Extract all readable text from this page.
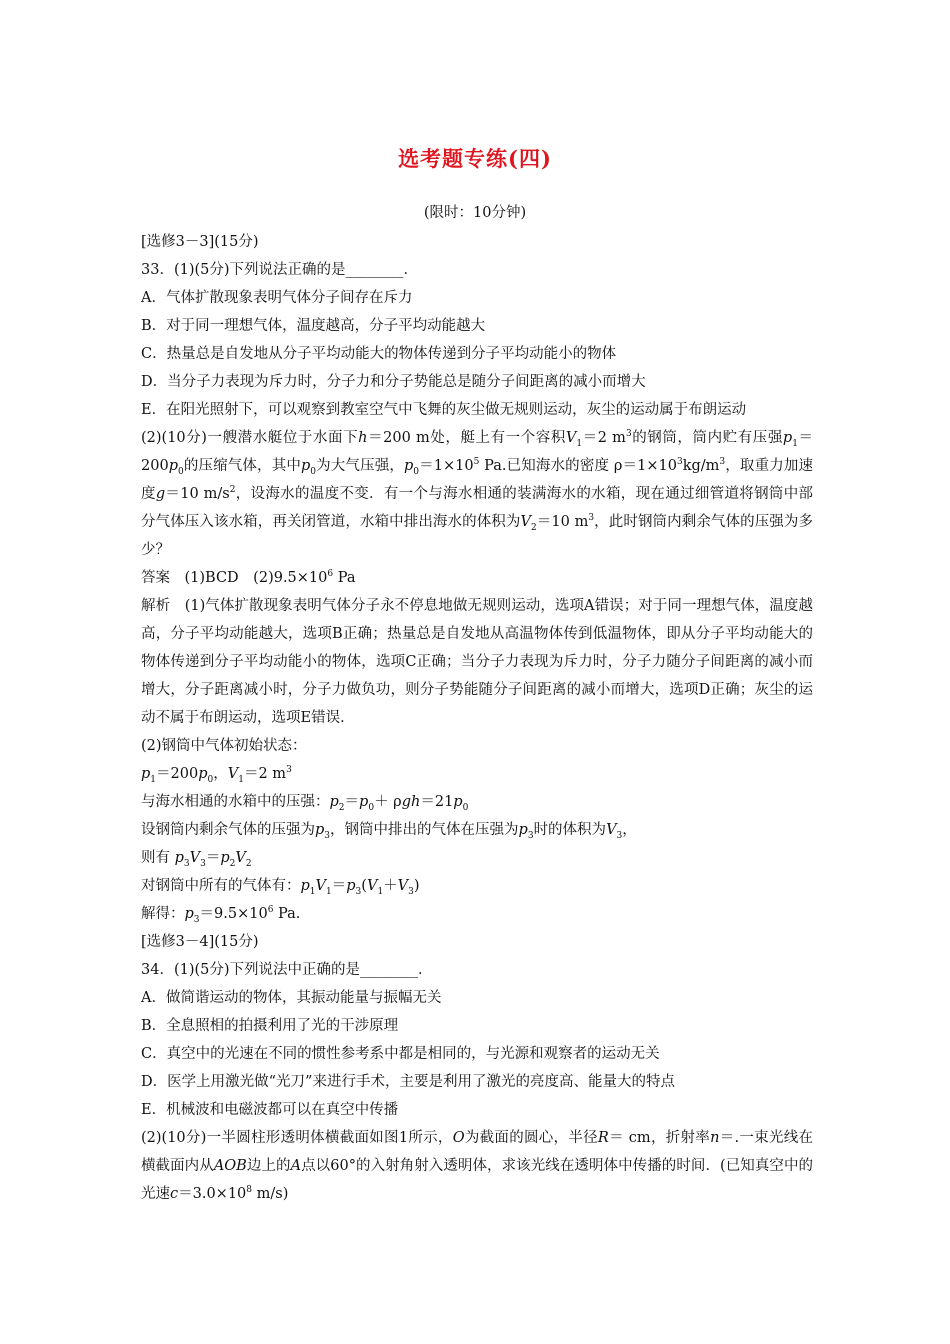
选考题专练(四)
(限时：10分钟)

[选修3－3](15分)

33．(1)(5分)下列说法正确的是________．

A．气体扩散现象表明气体分子间存在斥力

B．对于同一理想气体，温度越高，分子平均动能越大

C．热量总是自发地从分子平均动能大的物体传递到分子平均动能小的物体

D．当分子力表现为斥力时，分子力和分子势能总是随分子间距离的减小而增大

E．在阳光照射下，可以观察到教室空气中飞舞的灰尘做无规则运动，灰尘的运动属于布朗运动

(2)(10分)一艘潜水艇位于水面下h＝200 m处，艇上有一个容积$V_1=2$ $m^3$的钢筒，筒内贮有压强$p_1=200p_0$的压缩气体，其中$p_0$为大气压强，$p_0=1\times 10^5$ Pa.已知海水的密度 $\rho=1\times 10^3kg/m^3$，取重力加速度g＝10 $m/s^2$，设海水的温度不变．有一个与海水相通的装满海水的水箱，现在通过细管道将钢筒中部分气体压入该水箱，再关闭管道，水箱中排出海水的体积为$V_2=10$ $m^3$，此时钢筒内剩余气体的压强为多少？

答案　(1)BCD　$(2)9.5\times 10^6$ Pa

解析　(1)气体扩散现象表明气体分子永不停息地做无规则运动，选项A错误；对于同一理想气体，温度越高，分子平均动能越大，选项B正确；热量总是自发地从高温物体传到低温物体，即从分子平均动能大的物体传递到分子平均动能小的物体，选项C正确；当分子力表现为斥力时，分子力随分子间距离的减小而增大，分子距离减小时，分子力做负功，则分子势能随分子间距离的减小而增大，选项D正确；灰尘的运动不属于布朗运动，选项E错误．

(2)钢筒中气体初始状态：

$p_1=200p_0$，$V_1=2$ $m^3$

与海水相通的水箱中的压强：$p_2=p_0+ \rho gh=21p_0$

设钢筒内剩余气体的压强为$p_3$，钢筒中排出的气体在压强为$p_3$时的体积为$V_3$，

则有 $p_3V_3=p_2V_2$

对钢筒中所有的气体有：$p_1V_1=p_3(V_1+V_3)$

解得：$p_3=9.5\times 10^6$ Pa.

[选修3－4](15分)

34．(1)(5分)下列说法中正确的是________．

A．做简谐运动的物体，其振动能量与振幅无关

B．全息照相的拍摄利用了光的干涉原理

C．真空中的光速在不同的惯性参考系中都是相同的，与光源和观察者的运动无关

D．医学上用激光做“光刀”来进行手术，主要是利用了激光的亮度高、能量大的特点

E．机械波和电磁波都可以在真空中传播

(2)(10分)一半圆柱形透明体横截面如图1所示，O为截面的圆心，半径R＝ cm，折射率n＝.一束光线在横截面内从AOB边上的A点以60°的入射角射入透明体，求该光线在透明体中传播的时间．(已知真空中的光速$c=3.0\times 10^8$ m/s)
